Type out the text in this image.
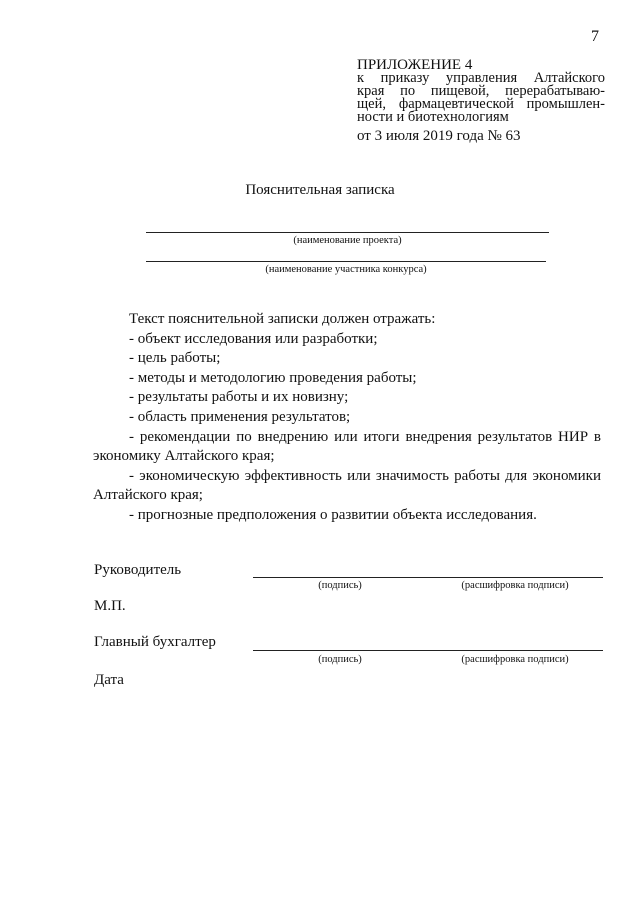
7
ПРИЛОЖЕНИЕ 4
к приказу управления Алтайского
края по пищевой, перерабатываю-
щей, фармацевтической промышлен-
ности и биотехнологиям
от 3 июля 2019 года № 63
Пояснительная записка
(наименование проекта)
(наименование участника конкурса)

Текст пояснительной записки должен отражать:

- объект исследования или разработки;

- цель работы;

- методы и методологию проведения работы;

- результаты работы и их новизну;

- область применения результатов;

- рекомендации по внедрению или итоги внедрения результатов НИР в экономику Алтайского края;

- экономическую эффективность или значимость работы для экономики Алтайского края;

- прогнозные предположения о развитии объекта исследования.

Руководитель
(подпись)	(расшифровка подписи)
М.П.
Главный бухгалтер
(подпись)	(расшифровка подписи)
Дата
